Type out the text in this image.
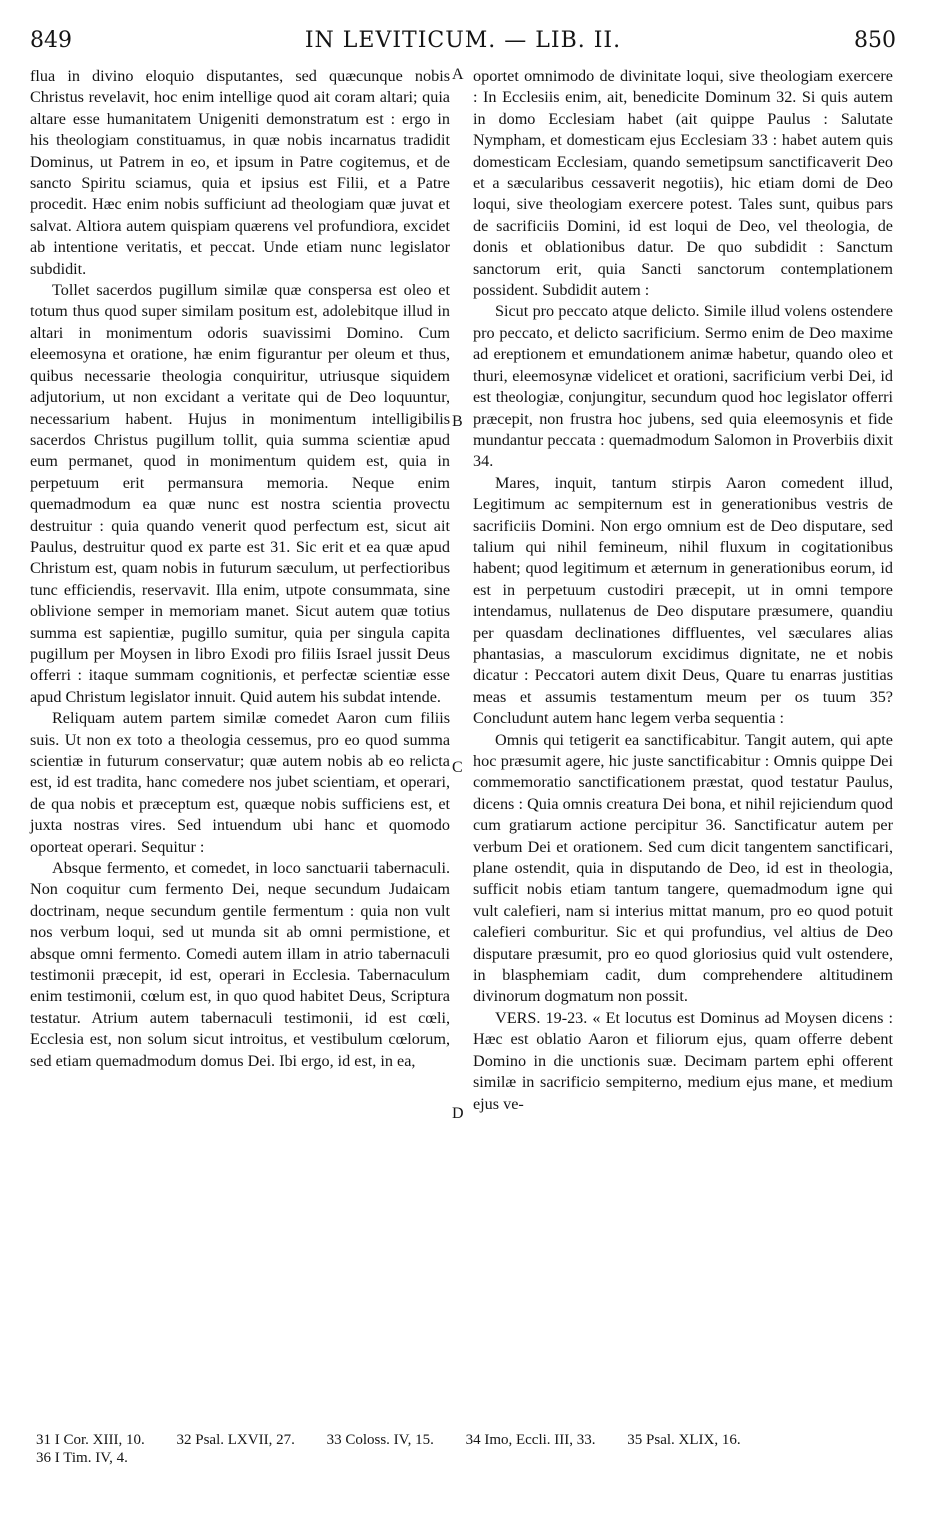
849	IN LEVITICUM. — LIB. II.	850

flua in divino eloquio disputantes, sed quæcunque nobis Christus revelavit, hoc enim intellige quod ait coram altari; quia altare esse humanitatem Unigeniti demonstratum est : ergo in his theologiam constituamus, in quæ nobis incarnatus tradidit Dominus, ut Patrem in eo, et ipsum in Patre cogitemus, et de sancto Spiritu sciamus, quia et ipsius est Filii, et a Patre procedit. Hæc enim nobis sufficiunt ad theologiam quæ juvat et salvat. Altiora autem quispiam quærens vel profundiora, excidet ab intentione veritatis, et peccat. Unde etiam nunc legislator subdidit.

Tollet sacerdos pugillum similæ quæ conspersa est oleo et totum thus quod super similam positum est, adolebitque illud in altari in monimentum odoris suavissimi Domino. Cum eleemosyna et oratione, hæ enim figurantur per oleum et thus, quibus necessarie theologia conquiritur, utriusque siquidem adjutorium, ut non excidant a veritate qui de Deo loquuntur, necessarium habent. Hujus in monimentum intelligibilis sacerdos Christus pugillum tollit, quia summa scientiæ apud eum permanet, quod in monimentum quidem est, quia in perpetuum erit permansura memoria. Neque enim quemadmodum ea quæ nunc est nostra scientia provectu destruitur : quia quando venerit quod perfectum est, sicut ait Paulus, destruitur quod ex parte est 31. Sic erit et ea quæ apud Christum est, quam nobis in futurum sæculum, ut perfectioribus tunc efficiendis, reservavit. Illa enim, utpote consummata, sine oblivione semper in memoriam manet. Sicut autem quæ totius summa est sapientiæ, pugillo sumitur, quia per singula capita pugillum per Moysen in libro Exodi pro filiis Israel jussit Deus offerri : itaque summam cognitionis, et perfectæ scientiæ esse apud Christum legislator innuit. Quid autem his subdat intende.

Reliquam autem partem similæ comedet Aaron cum filiis suis. Ut non ex toto a theologia cessemus, pro eo quod summa scientiæ in futurum conservatur; quæ autem nobis ab eo relicta est, id est tradita, hanc comedere nos jubet scientiam, et operari, de qua nobis et præceptum est, quæque nobis sufficiens est, et juxta nostras vires. Sed intuendum ubi hanc et quomodo oporteat operari. Sequitur :

Absque fermento, et comedet, in loco sanctuarii tabernaculi. Non coquitur cum fermento Dei, neque secundum Judaicam doctrinam, neque secundum gentile fermentum : quia non vult nos verbum loqui, sed ut munda sit ab omni permistione, et absque omni fermento. Comedi autem illam in atrio tabernaculi testimonii præcepit, id est, operari in Ecclesia. Tabernaculum enim testimonii, cœlum est, in quo quod habitet Deus, Scriptura testatur. Atrium autem tabernaculi testimonii, id est cœli, Ecclesia est, non solum sicut introitus, et vestibulum cœlorum, sed etiam quemadmodum domus Dei. Ibi ergo, id est, in ea,

A
B
C
D

oportet omnimodo de divinitate loqui, sive theologiam exercere : In Ecclesiis enim, ait, benedicite Dominum 32. Si quis autem in domo Ecclesiam habet (ait quippe Paulus : Salutate Nympham, et domesticam ejus Ecclesiam 33 : habet autem quis domesticam Ecclesiam, quando semetipsum sanctificaverit Deo et a sæcularibus cessaverit negotiis), hic etiam domi de Deo loqui, sive theologiam exercere potest. Tales sunt, quibus pars de sacrificiis Domini, id est loqui de Deo, vel theologia, de donis et oblationibus datur. De quo subdidit : Sanctum sanctorum erit, quia Sancti sanctorum contemplationem possident. Subdidit autem :

Sicut pro peccato atque delicto. Simile illud volens ostendere pro peccato, et delicto sacrificium. Sermo enim de Deo maxime ad ereptionem et emundationem animæ habetur, quando oleo et thuri, eleemosynæ videlicet et orationi, sacrificium verbi Dei, id est theologiæ, conjungitur, secundum quod hoc legislator offerri præcepit, non frustra hoc jubens, sed quia eleemosynis et fide mundantur peccata : quemadmodum Salomon in Proverbiis dixit 34.

Mares, inquit, tantum stirpis Aaron comedent illud, Legitimum ac sempiternum est in generationibus vestris de sacrificiis Domini. Non ergo omnium est de Deo disputare, sed talium qui nihil femineum, nihil fluxum in cogitationibus habent; quod legitimum et æternum in generationibus eorum, id est in perpetuum custodiri præcepit, ut in omni tempore intendamus, nullatenus de Deo disputare præsumere, quandiu per quasdam declinationes diffluentes, vel sæculares alias phantasias, a masculorum excidimus dignitate, ne et nobis dicatur : Peccatori autem dixit Deus, Quare tu enarras justitias meas et assumis testamentum meum per os tuum 35? Concludunt autem hanc legem verba sequentia :

Omnis qui tetigerit ea sanctificabitur. Tangit autem, qui apte hoc præsumit agere, hic juste sanctificabitur : Omnis quippe Dei commemoratio sanctificationem præstat, quod testatur Paulus, dicens : Quia omnis creatura Dei bona, et nihil rejiciendum quod cum gratiarum actione percipitur 36. Sanctificatur autem per verbum Dei et orationem. Sed cum dicit tangentem sanctificari, plane ostendit, quia in disputando de Deo, id est in theologia, sufficit nobis etiam tantum tangere, quemadmodum igne qui vult calefieri, nam si interius mittat manum, pro eo quod potuit calefieri comburitur. Sic et qui profundius, vel altius de Deo disputare præsumit, pro eo quod gloriosius quid vult ostendere, in blasphemiam cadit, dum comprehendere altitudinem divinorum dogmatum non possit.

VERS. 19-23. « Et locutus est Dominus ad Moysen dicens : Hæc est oblatio Aaron et filiorum ejus, quam offerre debent Domino in die unctionis suæ. Decimam partem ephi offerent similæ in sacrificio sempiterno, medium ejus mane, et medium ejus ve-

31 I Cor. XIII, 10. 32 Psal. LXVII, 27. 33 Coloss. IV, 15. 34 Imo, Eccli. III, 33. 35 Psal. XLIX, 16.
36 I Tim. IV, 4.
